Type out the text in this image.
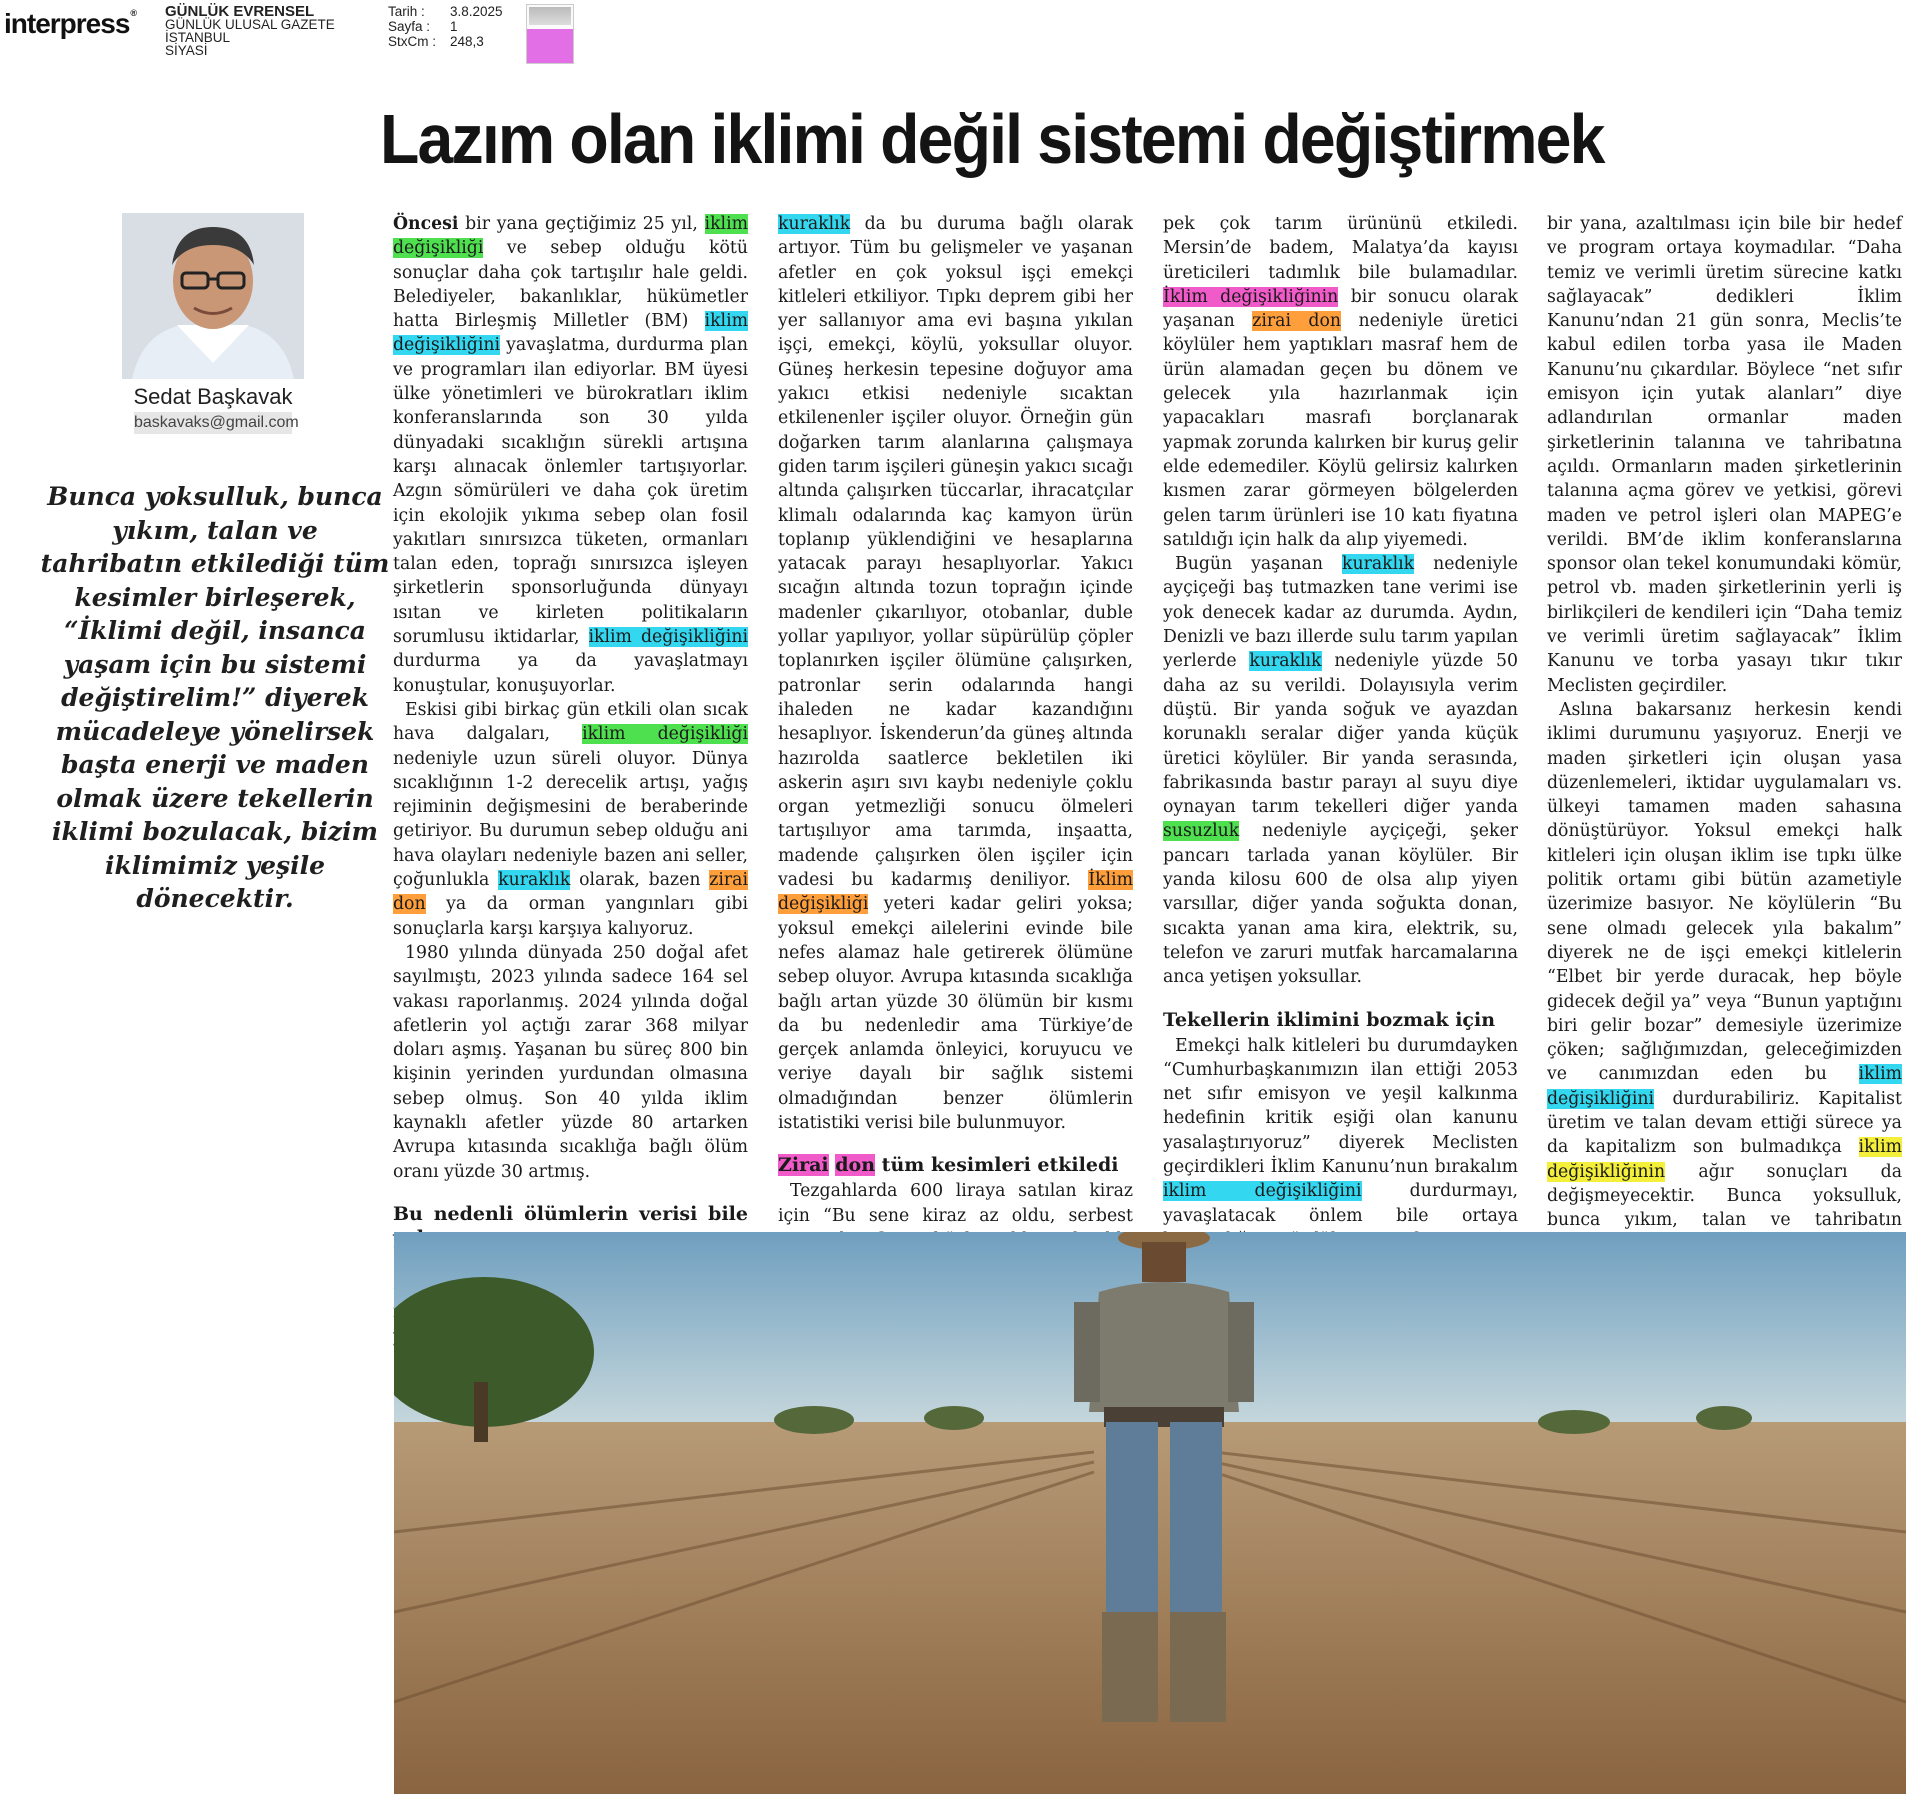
interpress® GÜNLÜK EVRENSEL
GÜNLÜK ULUSAL GAZETE
İSTANBUL
SİYASİ
Tarih : 3.8.2025
Sayfa : 1
StxCm : 248,3
Lazım olan iklimi değil sistemi değiştirmek
Sedat Başkavak
baskavaks@gmail.com
Bunca yoksulluk, bunca yıkım, talan ve tahribatın etkilediği tüm kesimler birleşerek, “İklimi değil, insanca yaşam için bu sistemi değiştirelim!” diyerek mücadeleye yönelirsek başta enerji ve maden olmak üzere tekellerin iklimi bozulacak, bizim iklimimiz yeşile dönecektir.

Öncesi bir yana geçtiğimiz 25 yıl, iklim değişikliği ve sebep olduğu kötü sonuçlar daha çok tartışılır hale geldi. Belediyeler, bakanlıklar, hükümetler hatta Birleşmiş Milletler (BM) iklim değişikliğini yavaşlatma, durdurma plan ve programları ilan ediyorlar. BM üyesi ülke yönetimleri ve bürokratları iklim konferanslarında son 30 yılda dünyadaki sıcaklığın sürekli artışına karşı alınacak önlemler tartışıyorlar. Azgın sömürüleri ve daha çok üretim için ekolojik yıkıma sebep olan fosil yakıtları sınırsızca tüketen, ormanları talan eden, toprağı sınırsızca işleyen şirketlerin sponsorluğunda dünyayı ısıtan ve kirleten politikaların sorumlusu iktidarlar, iklim değişikliğini durdurma ya da yavaşlatmayı konuştular, konuşuyorlar.

Eskisi gibi birkaç gün etkili olan sıcak hava dalgaları, iklim değişikliği nedeniyle uzun süreli oluyor. Dünya sıcaklığının 1-2 derecelik artışı, yağış rejiminin değişmesini de beraberinde getiriyor. Bu durumun sebep olduğu ani hava olayları nedeniyle bazen ani seller, çoğunlukla kuraklık olarak, bazen zirai don ya da orman yangınları gibi sonuçlarla karşı karşıya kalıyoruz.

1980 yılında dünyada 250 doğal afet sayılmıştı, 2023 yılında sadece 164 sel vakası raporlanmış. 2024 yılında doğal afetlerin yol açtığı zarar 368 milyar doları aşmış. Yaşanan bu süreç 800 bin kişinin yerinden yurdundan olmasına sebep olmuş. Son 40 yılda iklim kaynaklı afetler yüzde 80 artarken Avrupa kıtasında sıcaklığa bağlı ölüm oranı yüzde 30 artmış.

Bu nedenli ölümlerin verisi bile

kuraklık da bu duruma bağlı olarak artıyor. Tüm bu gelişmeler ve yaşanan afetler en çok yoksul işçi emekçi kitleleri etkiliyor. Tıpkı deprem gibi her yer sallanıyor ama evi başına yıkılan işçi, emekçi, köylü, yoksullar oluyor. Güneş herkesin tepesine doğuyor ama yakıcı etkisi nedeniyle sıcaktan etkilenenler işçiler oluyor. Örneğin gün doğarken tarım alanlarına çalışmaya giden tarım işçileri güneşin yakıcı sıcağı altında çalışırken tüccarlar, ihracatçılar klimalı odalarında kaç kamyon ürün toplanıp yüklendiğini ve hesaplarına yatacak parayı hesaplıyorlar. Yakıcı sıcağın altında tozun toprağın içinde madenler çıkarılıyor, otobanlar, duble yollar yapılıyor, yollar süpürülüp çöpler toplanırken işçiler ölümüne çalışırken, patronlar serin odalarında hangi ihaleden ne kadar kazandığını hesaplıyor. İskenderun’da güneş altında hazırolda saatlerce bekletilen iki askerin aşırı sıvı kaybı nedeniyle çoklu organ yetmezliği sonucu ölmeleri tartışılıyor ama tarımda, inşaatta, madende çalışırken ölen işçiler için vadesi bu kadarmış deniliyor. İklim değişikliği yeteri kadar geliri yoksa; yoksul emekçi ailelerini evinde bile nefes alamaz hale getirerek ölümüne sebep oluyor. Avrupa kıtasında sıcaklığa bağlı artan yüzde 30 ölümün bir kısmı da bu nedenledir ama Türkiye’de gerçek anlamda önleyici, koruyucu ve veriye dayalı bir sağlık sistemi olmadığından benzer ölümlerin istatistiki verisi bile bulunmuyor.

Zirai don tüm kesimleri etkiledi

Tezgahlarda 600 liraya satılan kiraz için “Bu sene kiraz az oldu, serbest

pek çok tarım ürününü etkiledi. Mersin’de badem, Malatya’da kayısı üreticileri tadımlık bile bulamadılar. İklim değişikliğinin bir sonucu olarak yaşanan zirai don nedeniyle üretici köylüler hem yaptıkları masraf hem de ürün alamadan geçen bu dönem ve gelecek yıla hazırlanmak için yapacakları masrafı borçlanarak yapmak zorunda kalırken bir kuruş gelir elde edemediler. Köylü gelirsiz kalırken kısmen zarar görmeyen bölgelerden gelen tarım ürünleri ise 10 katı fiyatına satıldığı için halk da alıp yiyemedi.

Bugün yaşanan kuraklık nedeniyle ayçiçeği baş tutmazken tane verimi ise yok denecek kadar az durumda. Aydın, Denizli ve bazı illerde sulu tarım yapılan yerlerde kuraklık nedeniyle yüzde 50 daha az su verildi. Dolayısıyla verim düştü. Bir yanda soğuk ve ayazdan korunaklı seralar diğer yanda küçük üretici köylüler. Bir yanda serasında, fabrikasında bastır parayı al suyu diye oynayan tarım tekelleri diğer yanda susuzluk nedeniyle ayçiçeği, şeker pancarı tarlada yanan köylüler. Bir yanda kilosu 600 de olsa alıp yiyen varsıllar, diğer yanda soğukta donan, sıcakta yanan ama kira, elektrik, su, telefon ve zaruri mutfak harcamalarına anca yetişen yoksullar.

Tekellerin iklimini bozmak için

Emekçi halk kitleleri bu durumdayken “Cumhurbaşkanımızın ilan ettiği 2053 net sıfır emisyon ve yeşil kalkınma hedefinin kritik eşiği olan kanunu yasalaştırıyoruz” diyerek Meclisten geçirdikleri İklim Kanunu’nun bırakalım iklim değişikliğini	durdurmayı, yavaşlatacak önlem bile ortaya

bir yana, azaltılması için bile bir hedef ve program ortaya koymadılar. “Daha temiz ve verimli üretim sürecine katkı sağlayacak” dedikleri İklim Kanunu’ndan 21 gün sonra, Meclis’te kabul edilen torba yasa ile Maden Kanunu’nu çıkardılar. Böylece “net sıfır emisyon için yutak alanları” diye adlandırılan ormanlar maden şirketlerinin talanına ve tahribatına açıldı. Ormanların maden şirketlerinin talanına açma görev ve yetkisi, görevi maden ve petrol işleri olan MAPEG’e verildi. BM’de iklim konferanslarına sponsor olan tekel konumundaki kömür, petrol vb. maden şirketlerinin yerli iş birlikçileri de kendileri için “Daha temiz ve verimli üretim sağlayacak” İklim Kanunu ve torba yasayı tıkır tıkır Meclisten geçirdiler.

Aslına bakarsanız herkesin kendi iklimi durumunu yaşıyoruz. Enerji ve maden şirketleri için oluşan yasa düzenlemeleri, iktidar uygulamaları vs. ülkeyi tamamen maden sahasına dönüştürüyor. Yoksul emekçi halk kitleleri için oluşan iklim ise tıpkı ülke politik ortamı gibi bütün azametiyle üzerimize basıyor. Ne köylülerin “Bu sene olmadı gelecek yıla bakalım” diyerek ne de işçi emekçi kitlelerin “Elbet bir yerde duracak, hep böyle gidecek değil ya” veya “Bunun yaptığını biri gelir bozar” demesiyle üzerimize çöken; sağlığımızdan, geleceğimizden ve canımızdan eden bu iklim değişikliğini durdurabiliriz. Kapitalist üretim ve talan devam ettiği sürece ya da kapitalizm son bulmadıkça iklim değişikliğinin ağır sonuçları da değişmeyecektir. Bunca yoksulluk, bunca yıkım, talan ve tahribatın
